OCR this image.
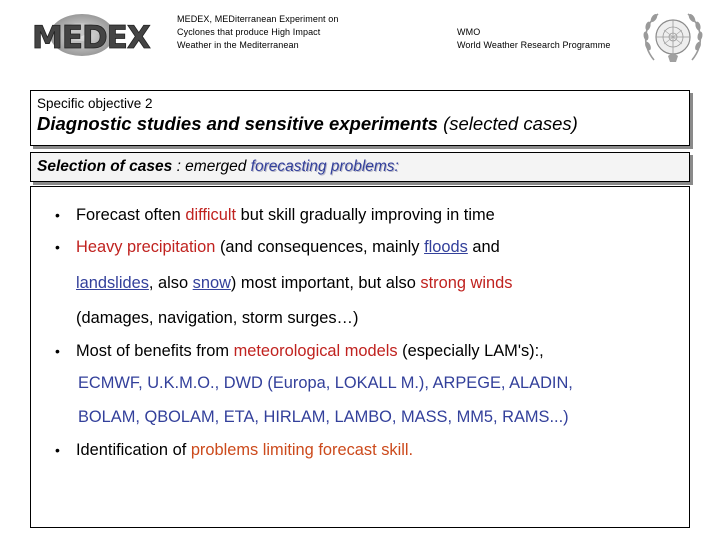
MEDEX
MEDEX, MEDiterranean Experiment on
Cyclones that produce High Impact
Weather in the Mediterranean
WMO
World Weather Research Programme
Specific objective 2
Diagnostic studies and sensitive experiments (selected cases)
Selection of cases : emerged forecasting problems:
• Forecast often difficult but skill gradually improving in time
• Heavy precipitation (and consequences, mainly floods and
landslides, also snow) most important, but also strong winds
(damages, navigation, storm surges…)
• Most of benefits from meteorological models (especially LAM's):,
ECMWF, U.K.M.O., DWD (Europa, LOKALL M.), ARPEGE, ALADIN,
BOLAM, QBOLAM, ETA, HIRLAM, LAMBO, MASS, MM5, RAMS...)
• Identification of problems limiting forecast skill.
